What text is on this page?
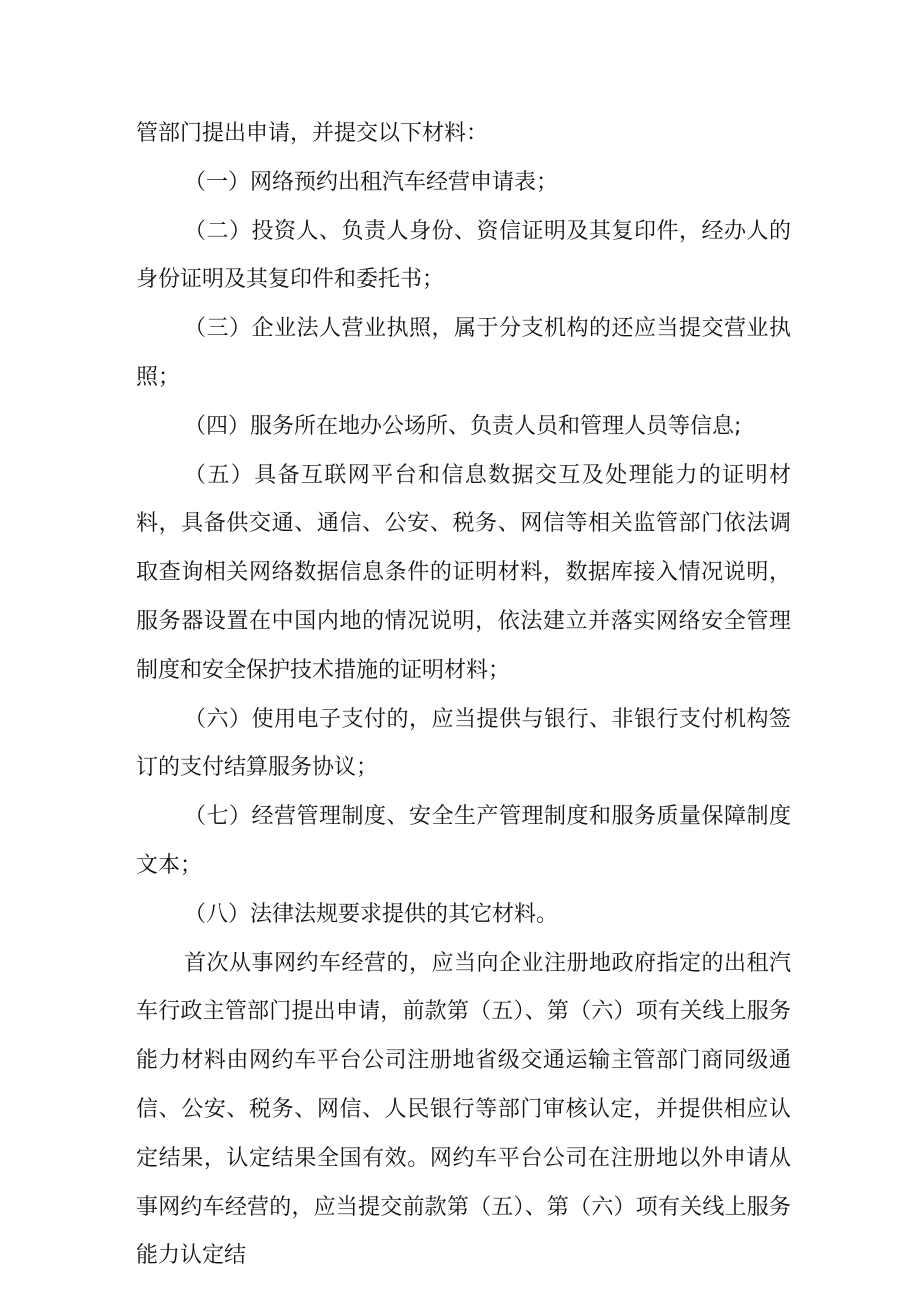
管部门提出申请，并提交以下材料：

（一）网络预约出租汽车经营申请表；

（二）投资人、负责人身份、资信证明及其复印件，经办人的身份证明及其复印件和委托书；

（三）企业法人营业执照，属于分支机构的还应当提交营业执照；

（四）服务所在地办公场所、负责人员和管理人员等信息;

（五）具备互联网平台和信息数据交互及处理能力的证明材料，具备供交通、通信、公安、税务、网信等相关监管部门依法调取查询相关网络数据信息条件的证明材料，数据库接入情况说明，服务器设置在中国内地的情况说明，依法建立并落实网络安全管理制度和安全保护技术措施的证明材料；

（六）使用电子支付的，应当提供与银行、非银行支付机构签订的支付结算服务协议；

（七）经营管理制度、安全生产管理制度和服务质量保障制度文本；

（八）法律法规要求提供的其它材料。

首次从事网约车经营的，应当向企业注册地政府指定的出租汽车行政主管部门提出申请，前款第（五）、第（六）项有关线上服务能力材料由网约车平台公司注册地省级交通运输主管部门商同级通信、公安、税务、网信、人民银行等部门审核认定，并提供相应认定结果，认定结果全国有效。网约车平台公司在注册地以外申请从事网约车经营的，应当提交前款第（五）、第（六）项有关线上服务能力认定结
